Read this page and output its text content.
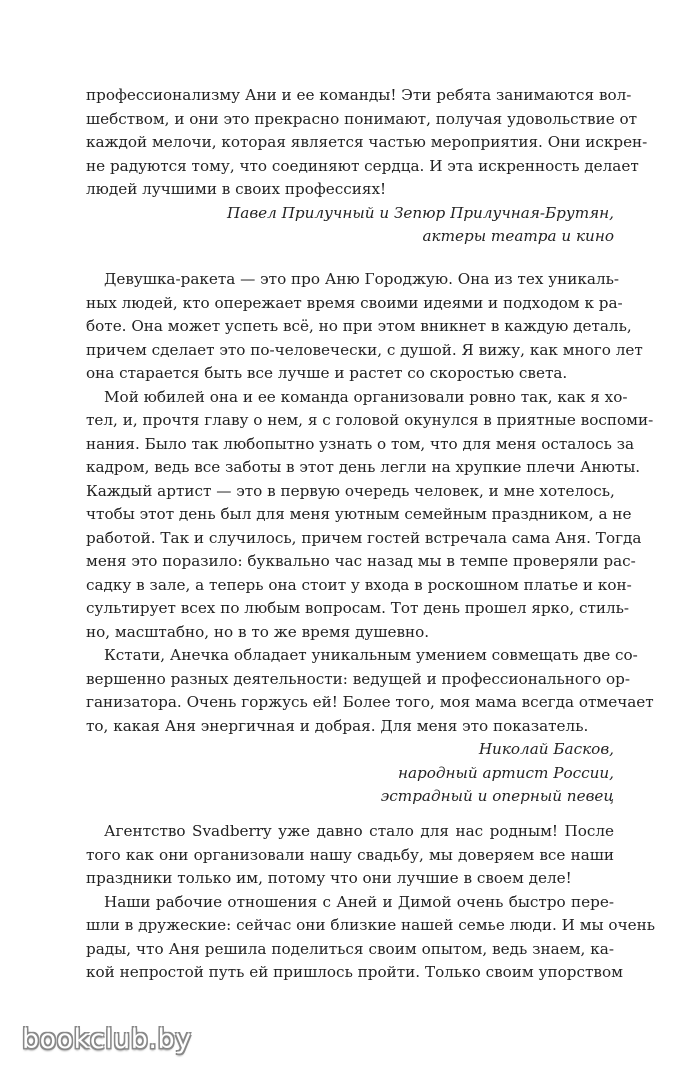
профессионализму Ани и ее команды! Эти ребята занимаются вол-
шебством, и они это прекрасно понимают, получая удовольствие от
каждой мелочи, которая является частью мероприятия. Они искрен-
не радуются тому, что соединяют сердца. И эта искренность делает
людей лучшими в своих профессиях!
Павел Прилучный и Зепюр Прилучная-Брутян,
актеры театра и кино
Девушка-ракета — это про Аню Городжую. Она из тех уникаль-
ных людей, кто опережает время своими идеями и подходом к ра-
боте. Она может успеть всё, но при этом вникнет в каждую деталь,
причем сделает это по-человечески, с душой. Я вижу, как много лет
она старается быть все лучше и растет со скоростью света.
Мой юбилей она и ее команда организовали ровно так, как я хо-
тел, и, прочтя главу о нем, я с головой окунулся в приятные воспоми-
нания. Было так любопытно узнать о том, что для меня осталось за
кадром, ведь все заботы в этот день легли на хрупкие плечи Анюты.
Каждый артист — это в первую очередь человек, и мне хотелось,
чтобы этот день был для меня уютным семейным праздником, а не
работой. Так и случилось, причем гостей встречала сама Аня. Тогда
меня это поразило: буквально час назад мы в темпе проверяли рас-
садку в зале, а теперь она стоит у входа в роскошном платье и кон-
сультирует всех по любым вопросам. Тот день прошел ярко, стиль-
но, масштабно, но в то же время душевно.
Кстати, Анечка обладает уникальным умением совмещать две со-
вершенно разных деятельности: ведущей и профессионального ор-
ганизатора. Очень горжусь ей! Более того, моя мама всегда отмечает
то, какая Аня энергичная и добрая. Для меня это показатель.
Николай Басков,
народный артист России,
эстрадный и оперный певец
Агентство Svadberry уже давно стало для нас родным! После
того как они организовали нашу свадьбу, мы доверяем все наши
праздники только им, потому что они лучшие в своем деле!
Наши рабочие отношения с Аней и Димой очень быстро пере-
шли в дружеские: сейчас они близкие нашей семье люди. И мы очень
рады, что Аня решила поделиться своим опытом, ведь знаем, ка-
кой непростой путь ей пришлось пройти. Только своим упорством
bookclub.by
